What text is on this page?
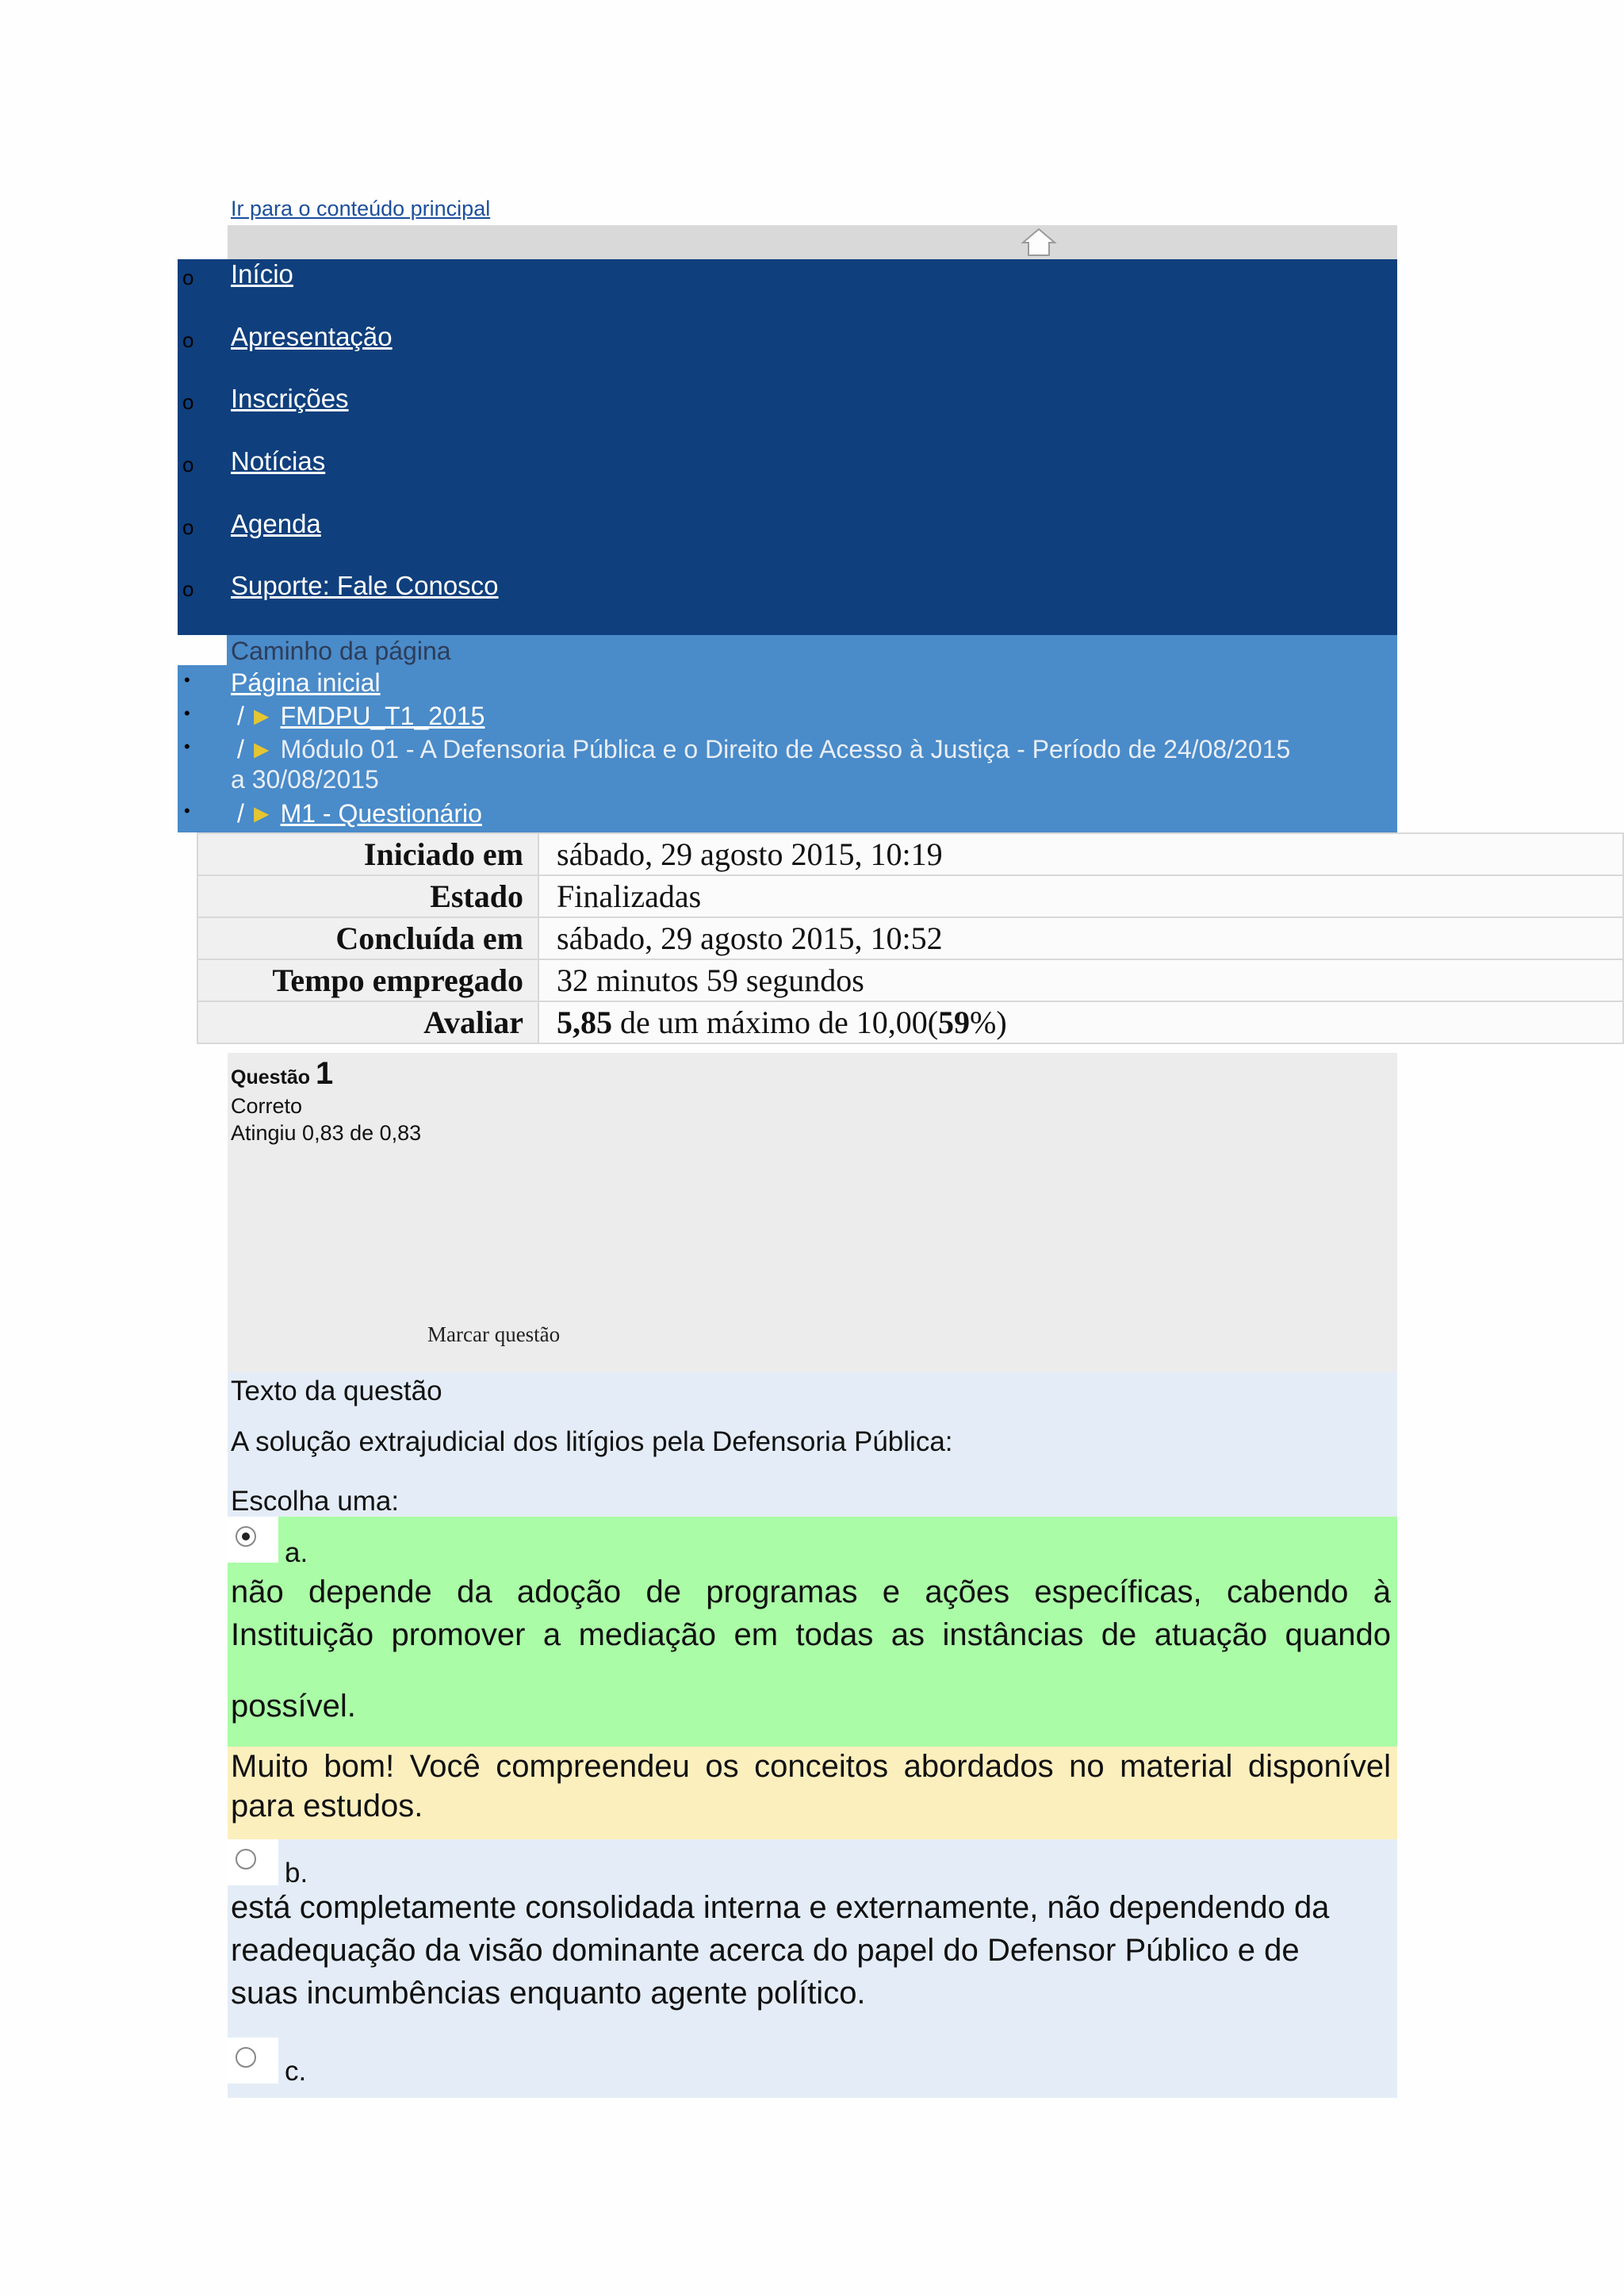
Ir para o conteúdo principal
o Início
o Apresentação
o Inscrições
o Notícias
o Agenda
o Suporte: Fale Conosco
Caminho da página
• Página inicial
• / ► FMDPU_T1_2015
• / ► Módulo 01 - A Defensoria Pública e o Direito de Acesso à Justiça - Período de 24/08/2015
a 30/08/2015
• / ► M1 - Questionário
Iniciado em	sábado, 29 agosto 2015, 10:19
Estado	Finalizadas
Concluída em	sábado, 29 agosto 2015, 10:52
Tempo empregado	32 minutos 59 segundos
Avaliar	5,85 de um máximo de 10,00(59%)
Questão 1
Correto
Atingiu 0,83 de 0,83
Marcar questão
Texto da questão
A solução extrajudicial dos litígios pela Defensoria Pública:
Escolha uma:
b.
está completamente consolidada interna e externamente, não dependendo da
readequação da visão dominante acerca do papel do Defensor Público e de
suas incumbências enquanto agente político.
c.
a.
não depende da adoção de programas e ações específicas, cabendo à
Instituição promover a mediação em todas as instâncias de atuação quando
possível.
Muito bom! Você compreendeu os conceitos abordados no material disponível
para estudos.
